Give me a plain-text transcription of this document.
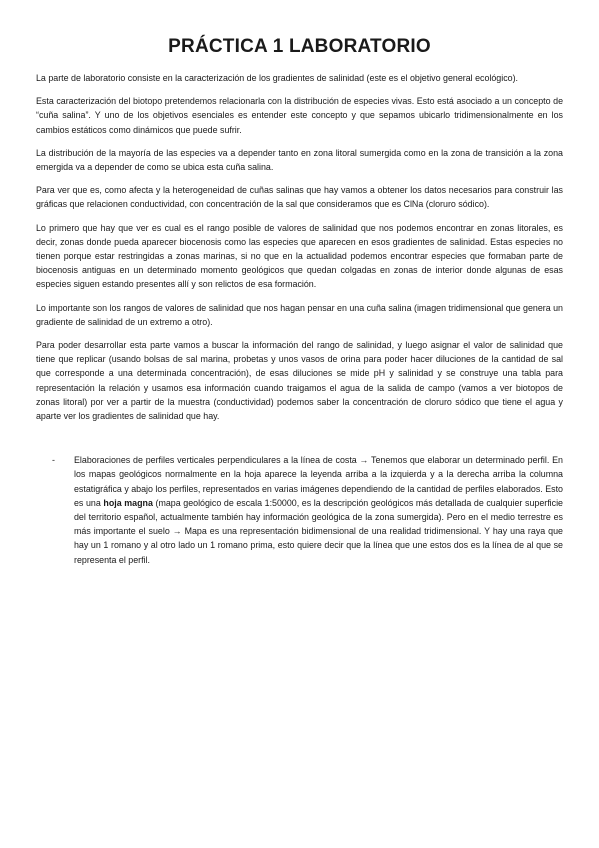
PRÁCTICA 1 LABORATORIO

La parte de laboratorio consiste en la caracterización de los gradientes de salinidad (este es el objetivo general ecológico).

Esta caracterización del biotopo pretendemos relacionarla con la distribución de especies vivas. Esto está asociado a un concepto de “cuña salina”. Y uno de los objetivos esenciales es entender este concepto y que sepamos ubicarlo tridimensionalmente en los cambios estáticos como dinámicos que puede sufrir.

La distribución de la mayoría de las especies va a depender tanto en zona litoral sumergida como en la zona de transición a la zona emergida va a depender de como se ubica esta cuña salina.

Para ver que es, como afecta y la heterogeneidad de cuñas salinas que hay vamos a obtener los datos necesarios para construir las gráficas que relacionen conductividad, con concentración de la sal que consideramos que es ClNa (cloruro sódico).

Lo primero que hay que ver es cual es el rango posible de valores de salinidad que nos podemos encontrar en zonas litorales, es decir, zonas donde pueda aparecer biocenosis como las especies que aparecen en esos gradientes de salinidad. Estas especies no tienen porque estar restringidas a zonas marinas, si no que en la actualidad podemos encontrar especies que formaban parte de biocenosis antiguas en un determinado momento geológicos que quedan colgadas en zonas de interior donde algunas de esas especies siguen estando presentes allí y son relictos de esa formación.

Lo importante son los rangos de valores de salinidad que nos hagan pensar en una cuña salina (imagen tridimensional que genera un gradiente de salinidad de un extremo a otro).

Para poder desarrollar esta parte vamos a buscar la información del rango de salinidad, y luego asignar el valor de salinidad que tiene que replicar (usando bolsas de sal marina, probetas y unos vasos de orina para poder hacer diluciones de la cantidad de sal que corresponde a una determinada concentración), de esas diluciones se mide pH y salinidad y se construye una tabla para representación la relación y usamos esa información cuando traigamos el agua de la salida de campo (vamos a ver biotopos de zonas litoral) por ver a partir de la muestra (conductividad) podemos saber la concentración de cloruro sódico que tiene el agua y aparte ver los gradientes de salinidad que hay.

- Elaboraciones de perfiles verticales perpendiculares a la línea de costa → Tenemos que elaborar un determinado perfil. En los mapas geológicos normalmente en la hoja aparece la leyenda arriba a la izquierda y a la derecha arriba la columna estatigráfica y abajo los perfiles, representados en varias imágenes dependiendo de la cantidad de perfiles elaborados. Esto es una hoja magna (mapa geológico de escala 1:50000, es la descripción geológicos más detallada de cualquier superficie del territorio español, actualmente también hay información geológica de la zona sumergida). Pero en el medio terrestre es más importante el suelo → Mapa es una representación bidimensional de una realidad tridimensional. Y hay una raya que hay un 1 romano y al otro lado un 1 romano prima, esto quiere decir que la línea que une estos dos es la línea de al que se representa el perfil.
